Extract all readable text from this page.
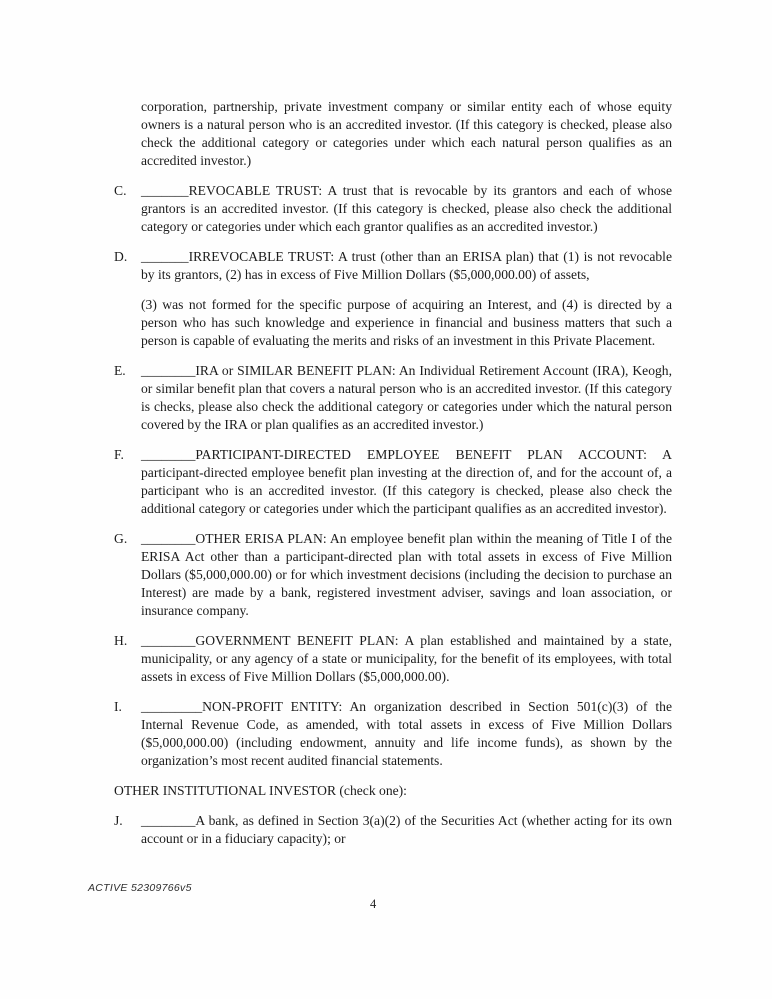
corporation, partnership, private investment company or similar entity each of whose equity owners is a natural person who is an accredited investor. (If this category is checked, please also check the additional category or categories under which each natural person qualifies as an accredited investor.)
C. _______REVOCABLE TRUST: A trust that is revocable by its grantors and each of whose grantors is an accredited investor. (If this category is checked, please also check the additional category or categories under which each grantor qualifies as an accredited investor.)
D. _______IRREVOCABLE TRUST: A trust (other than an ERISA plan) that (1) is not revocable by its grantors, (2) has in excess of Five Million Dollars ($5,000,000.00) of assets,
(3) was not formed for the specific purpose of acquiring an Interest, and (4) is directed by a person who has such knowledge and experience in financial and business matters that such a person is capable of evaluating the merits and risks of an investment in this Private Placement.
E. ________IRA or SIMILAR BENEFIT PLAN: An Individual Retirement Account (IRA), Keogh, or similar benefit plan that covers a natural person who is an accredited investor. (If this category is checks, please also check the additional category or categories under which the natural person covered by the IRA or plan qualifies as an accredited investor.)
F. ________PARTICIPANT-DIRECTED EMPLOYEE BENEFIT PLAN ACCOUNT: A participant-directed employee benefit plan investing at the direction of, and for the account of, a participant who is an accredited investor. (If this category is checked, please also check the additional category or categories under which the participant qualifies as an accredited investor).
G. ________OTHER ERISA PLAN: An employee benefit plan within the meaning of Title I of the ERISA Act other than a participant-directed plan with total assets in excess of Five Million Dollars ($5,000,000.00) or for which investment decisions (including the decision to purchase an Interest) are made by a bank, registered investment adviser, savings and loan association, or insurance company.
H. ________GOVERNMENT BENEFIT PLAN: A plan established and maintained by a state, municipality, or any agency of a state or municipality, for the benefit of its employees, with total assets in excess of Five Million Dollars ($5,000,000.00).
I. _________NON-PROFIT ENTITY: An organization described in Section 501(c)(3) of the Internal Revenue Code, as amended, with total assets in excess of Five Million Dollars ($5,000,000.00) (including endowment, annuity and life income funds), as shown by the organization’s most recent audited financial statements.
OTHER INSTITUTIONAL INVESTOR (check one):
J. ________A bank, as defined in Section 3(a)(2) of the Securities Act (whether acting for its own account or in a fiduciary capacity); or
ACTIVE 52309766v5
4
